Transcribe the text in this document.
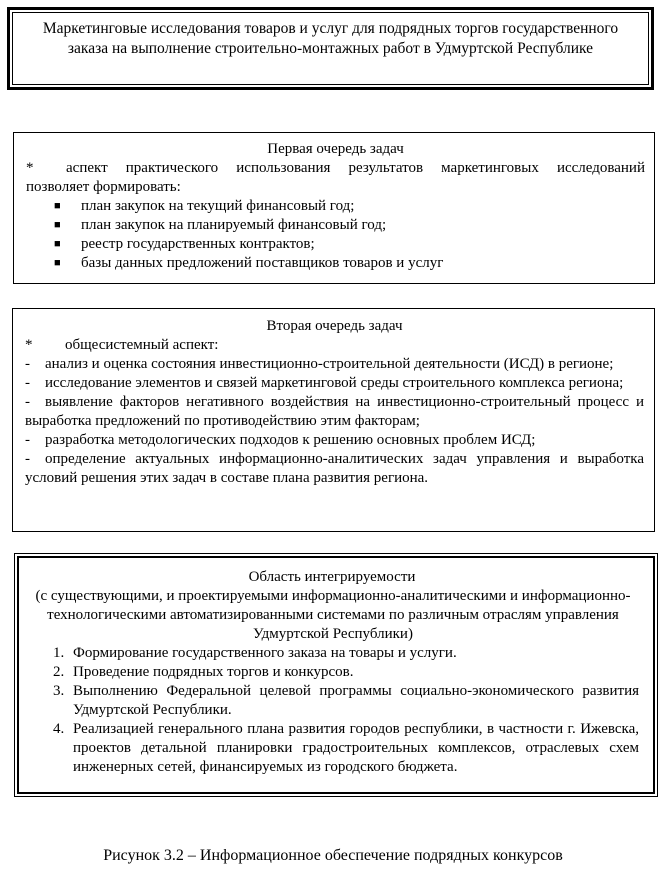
Маркетинговые исследования товаров и услуг для подрядных торгов государственного
заказа на выполнение строительно-монтажных работ в Удмуртской Республике
Первая очередь задач
*	аспект практического использования результатов маркетинговых исследований
позволяет формировать:
■	план закупок на текущий финансовый год;
■	план закупок на планируемый финансовый год;
■	реестр государственных контрактов;
■	базы данных предложений поставщиков товаров и услуг
Вторая очередь задач
*	общесистемный аспект:
- анализ и оценка состояния инвестиционно-строительной деятельности (ИСД) в регионе;
- исследование элементов и связей маркетинговой среды строительного комплекса региона;
- выявление факторов негативного воздействия на инвестиционно-строительный процесс и выработка предложений по противодействию этим факторам;
- разработка методологических подходов к решению основных проблем ИСД;
- определение актуальных информационно-аналитических задач управления и выработка условий решения этих задач в составе плана развития региона.
Область интегрируемости
(с существующими, и проектируемыми информационно-аналитическими и информационно-технологическими автоматизированными системами по различным отраслям управления Удмуртской Республики)
1. Формирование государственного заказа на товары и услуги.
2. Проведение подрядных торгов и конкурсов.
3. Выполнению Федеральной целевой программы социально-экономического развития Удмуртской Республики.
4. Реализацией генерального плана развития городов республики, в частности г. Ижевска, проектов детальной планировки градостроительных комплексов, отраслевых схем инженерных сетей, финансируемых из городского бюджета.
Рисунок 3.2 – Информационное обеспечение подрядных конкурсов
